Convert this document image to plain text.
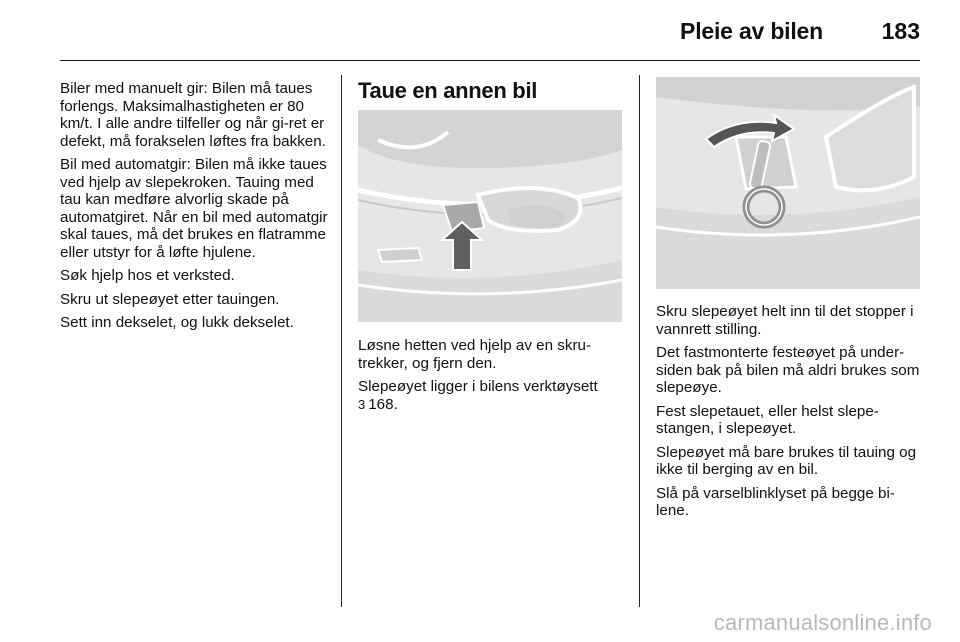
Pleie av bilen	183

Biler med manuelt gir: Bilen må taues forlengs. Maksimalhastigheten er 80 km/t. I alle andre tilfeller og når gi-ret er defekt, må forakselen løftes fra bakken.

Bil med automatgir: Bilen må ikke taues ved hjelp av slepekroken. Tauing med tau kan medføre alvorlig skade på automatgiret. Når en bil med automatgir skal taues, må det brukes en flatramme eller utstyr for å løfte hjulene.

Søk hjelp hos et verksted.

Skru ut slepeøyet etter tauingen.

Sett inn dekselet, og lukk dekselet.

Taue en annen bil

Løsne hetten ved hjelp av en skru-trekker, og fjern den.

Slepeøyet ligger i bilens verktøysett

3 168.

Skru slepeøyet helt inn til det stopper i vannrett stilling.

Det fastmonterte festeøyet på under-siden bak på bilen må aldri brukes som slepeøye.

Fest slepetauet, eller helst slepe-stangen, i slepeøyet.

Slepeøyet må bare brukes til tauing og ikke til berging av en bil.

Slå på varselblinklyset på begge bi-lene.

carmanualsonline.info
